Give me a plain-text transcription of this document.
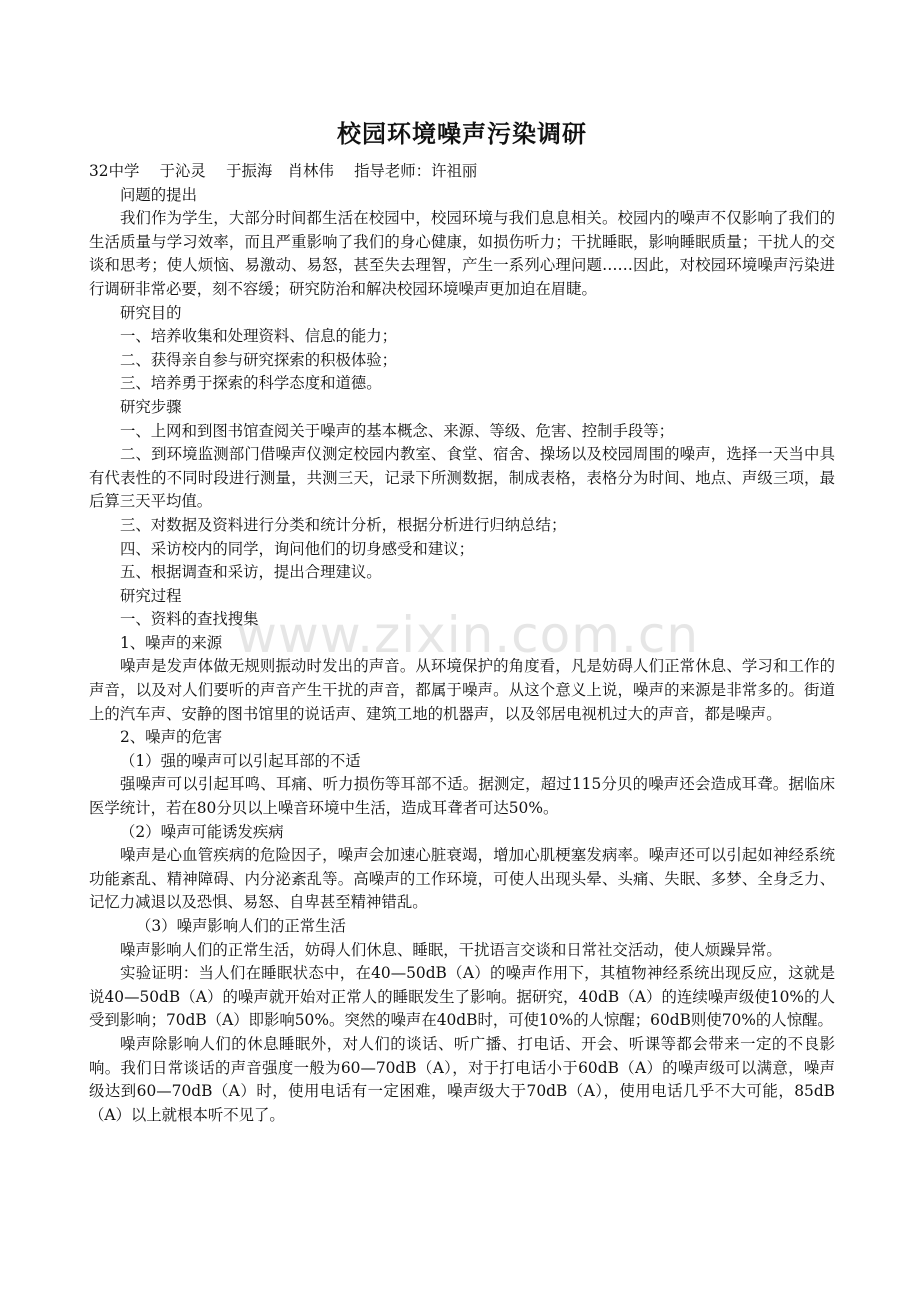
校园环境噪声污染调研

32中学　 于沁灵　 于振海　肖林伟　 指导老师：许祖丽

问题的提出

我们作为学生，大部分时间都生活在校园中，校园环境与我们息息相关。校园内的噪声不仅影响了我们的生活质量与学习效率，而且严重影响了我们的身心健康，如损伤听力；干扰睡眠，影响睡眠质量；干扰人的交谈和思考；使人烦恼、易激动、易怒，甚至失去理智，产生一系列心理问题……因此，对校园环境噪声污染进行调研非常必要，刻不容缓；研究防治和解决校园环境噪声更加迫在眉睫。

研究目的

一、培养收集和处理资料、信息的能力；

二、获得亲自参与研究探索的积极体验；

三、培养勇于探索的科学态度和道德。

研究步骤

一、上网和到图书馆查阅关于噪声的基本概念、来源、等级、危害、控制手段等；

二、到环境监测部门借噪声仪测定校园内教室、食堂、宿舍、操场以及校园周围的噪声，选择一天当中具有代表性的不同时段进行测量，共测三天，记录下所测数据，制成表格，表格分为时间、地点、声级三项，最后算三天平均值。

三、对数据及资料进行分类和统计分析，根据分析进行归纳总结；

四、采访校内的同学，询问他们的切身感受和建议；

五、根据调查和采访，提出合理建议。

研究过程

一、资料的查找搜集

1、噪声的来源

噪声是发声体做无规则振动时发出的声音。从环境保护的角度看，凡是妨碍人们正常休息、学习和工作的声音，以及对人们要听的声音产生干扰的声音，都属于噪声。从这个意义上说，噪声的来源是非常多的。街道上的汽车声、安静的图书馆里的说话声、建筑工地的机器声，以及邻居电视机过大的声音，都是噪声。

2、噪声的危害

（1）强的噪声可以引起耳部的不适

强噪声可以引起耳鸣、耳痛、听力损伤等耳部不适。据测定，超过115分贝的噪声还会造成耳聋。据临床医学统计，若在80分贝以上噪音环境中生活，造成耳聋者可达50%。

（2）噪声可能诱发疾病

噪声是心血管疾病的危险因子，噪声会加速心脏衰竭，增加心肌梗塞发病率。噪声还可以引起如神经系统功能紊乱、精神障碍、内分泌紊乱等。高噪声的工作环境，可使人出现头晕、头痛、失眠、多梦、全身乏力、记忆力减退以及恐惧、易怒、自卑甚至精神错乱。

（3）噪声影响人们的正常生活

噪声影响人们的正常生活，妨碍人们休息、睡眠，干扰语言交谈和日常社交活动，使人烦躁异常。

实验证明：当人们在睡眠状态中，在40—50dB（A）的噪声作用下，其植物神经系统出现反应，这就是说40—50dB（A）的噪声就开始对正常人的睡眠发生了影响。据研究，40dB（A）的连续噪声级使10%的人受到影响；70dB（A）即影响50%。突然的噪声在40dB时，可使10%的人惊醒；60dB则使70%的人惊醒。

噪声除影响人们的休息睡眠外，对人们的谈话、听广播、打电话、开会、听课等都会带来一定的不良影响。我们日常谈话的声音强度一般为60—70dB（A），对于打电话小于60dB（A）的噪声级可以满意，噪声级达到60—70dB（A）时，使用电话有一定困难，噪声级大于70dB（A），使用电话几乎不大可能，85dB（A）以上就根本听不见了。

www.zixin.com.cn
